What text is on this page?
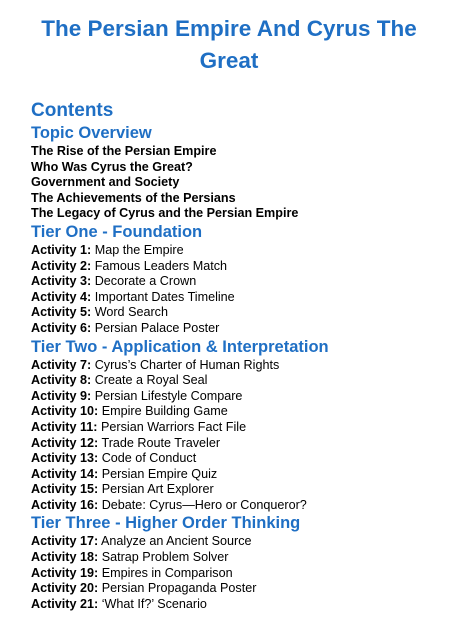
The Persian Empire And Cyrus The Great
Contents
Topic Overview

The Rise of the Persian Empire

Who Was Cyrus the Great?

Government and Society

The Achievements of the Persians

The Legacy of Cyrus and the Persian Empire

Tier One - Foundation

Activity 1: Map the Empire

Activity 2: Famous Leaders Match

Activity 3: Decorate a Crown

Activity 4: Important Dates Timeline

Activity 5: Word Search

Activity 6: Persian Palace Poster

Tier Two - Application & Interpretation

Activity 7: Cyrus’s Charter of Human Rights

Activity 8: Create a Royal Seal

Activity 9: Persian Lifestyle Compare

Activity 10: Empire Building Game

Activity 11: Persian Warriors Fact File

Activity 12: Trade Route Traveler

Activity 13: Code of Conduct

Activity 14: Persian Empire Quiz

Activity 15: Persian Art Explorer

Activity 16: Debate: Cyrus—Hero or Conqueror?

Tier Three - Higher Order Thinking

Activity 17: Analyze an Ancient Source

Activity 18: Satrap Problem Solver

Activity 19: Empires in Comparison

Activity 20: Persian Propaganda Poster

Activity 21: ‘What If?’ Scenario
